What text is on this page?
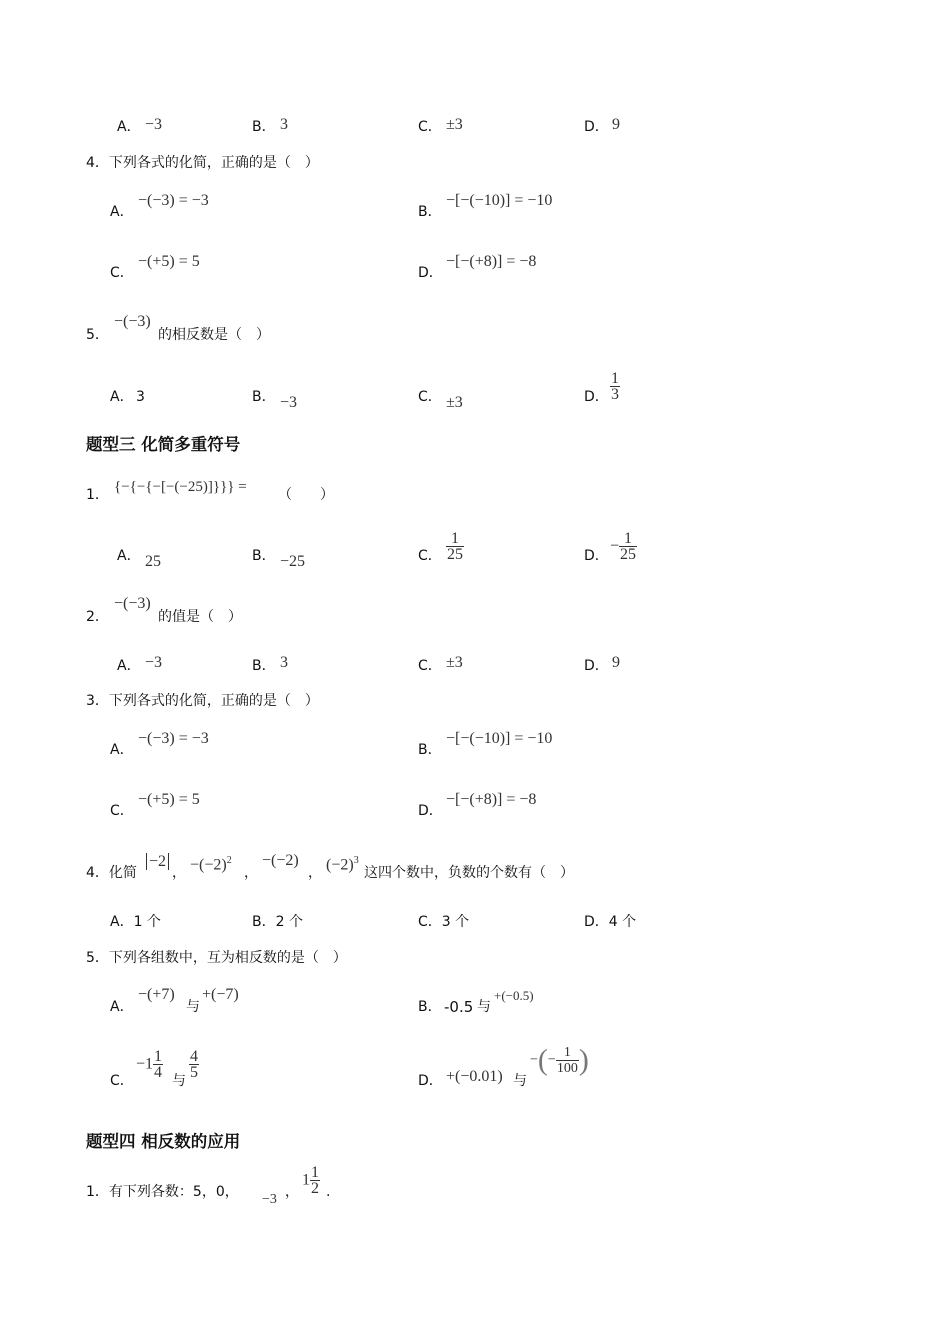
A． −3	B． 3	C． ±3	D． 9
4．下列各式的化简，正确的是（　）
A．
−(−3) = −3
B．
−[−(−10)] = −10
C．
−(+5) = 5
D．
−[−(+8)] = −8
5．
−(−3)
的相反数是（　）
A． 3	B． −3	C． ±3	D． $\frac{1}{3}$
题型三 化简多重符号
1． {−{−{−[−(−25)]}}} = （　　）
A． 25	B． −25	C． $\frac{1}{25}$	D．
− $\frac{1}{25}$
2．
−(−3)
的值是（　）
A． −3	B． 3	C． ±3	D． 9
3．下列各式的化简，正确的是（　）
A．
−(−3) = −3
B．
−[−(−10)] = −10
C．
−(+5) = 5
D．
−[−(+8)] = −8
4．化简
−2
， $-(-2)^2$
，
−(−2)
， $(-2)^3$
这四个数中，负数的个数有（　）
A．1 个	B．2 个	C．3 个	D．4 个
5．下列各组数中，互为相反数的是（　）
A．
−(+7)
与
+(−7)
B． -0.5 与
+(−0.5)
C．
$-1 \frac{1}{4}$
与
$\frac{4}{5}$
D． +(−0.01) 与
−(− $\frac{1}{100}$ )
题型四 相反数的应用
1．有下列各数：5，0， −3 ，
$1 \frac{1}{2}$ .
